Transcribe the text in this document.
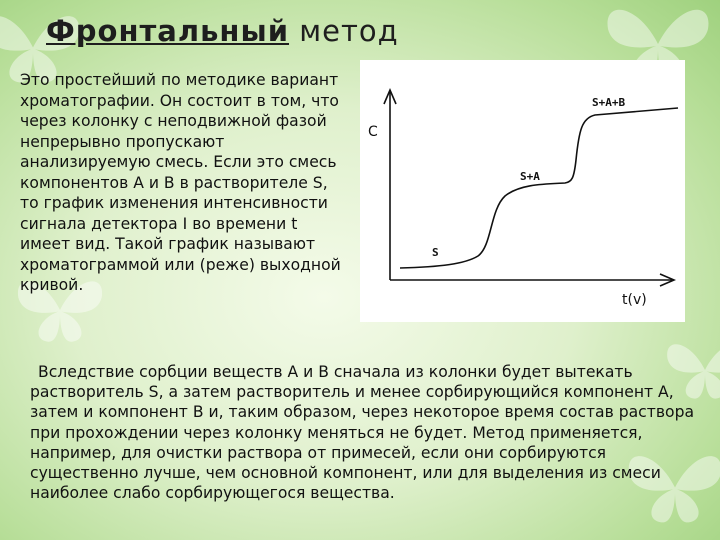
Фронтальный метод
Это простейший по методике вариант хроматографии. Он состоит в том, что через колонку с неподвижной фазой непрерывно пропускают анализируемую смесь. Если это смесь компонентов А и В в растворителе S, то график изменения интенсивности сигнала детектора I во времени t имеет вид. Такой график называют хроматограммой или (реже) выходной кривой.
C
t(v)
S
S+A
S+A+B
Вследствие сорбции веществ А и В сначала из колонки будет вытекать растворитель S, а затем растворитель и менее сорбирующийся компонент А, затем и компонент В и, таким образом, через некоторое время состав раствора при прохождении через колонку меняться не будет. Метод применяется, например, для очистки раствора от примесей, если они сорбируются существенно лучше, чем основной компонент, или для выделения из смеси наиболее слабо сорбирующегося вещества.
